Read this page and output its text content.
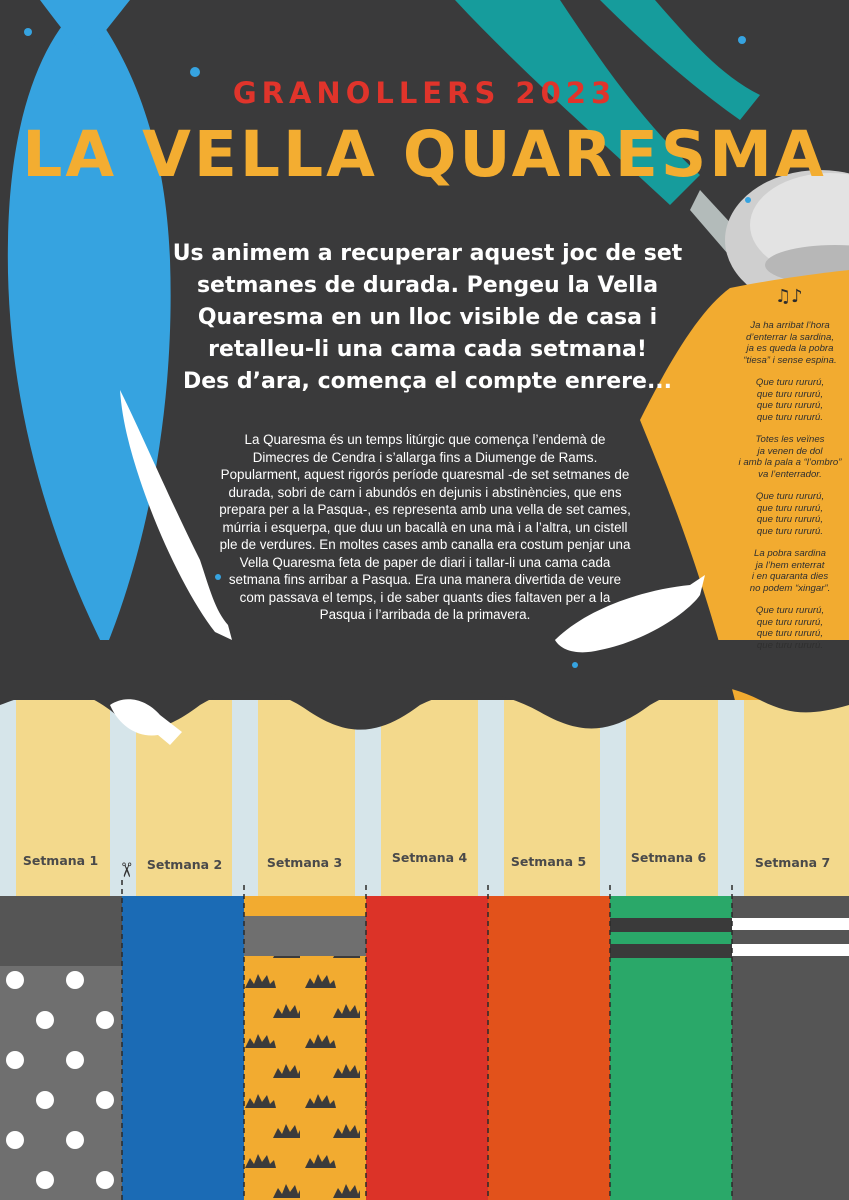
GRANOLLERS 2023
LA VELLA QUARESMA
Us animem a recuperar aquest joc de set
setmanes de durada. Pengeu la Vella
Quaresma en un lloc visible de casa i
retalleu-li una cama cada setmana!
Des d’ara, comença el compte enrere...
La Quaresma és un temps litúrgic que comença l’endemà de
Dimecres de Cendra i s’allarga fins a Diumenge de Rams.
Popularment, aquest rigorós període quaresmal -de set setmanes de
durada, sobri de carn i abundós en dejunis i abstinències, que ens
prepara per a la Pasqua-, es representa amb una vella de set cames,
múrria i esquerpa, que duu un bacallà en una mà i a l’altra, un cistell
ple de verdures. En moltes cases amb canalla era costum penjar una
Vella Quaresma feta de paper de diari i tallar-li una cama cada
setmana fins arribar a Pasqua. Era una manera divertida de veure
com passava el temps, i de saber quants dies faltaven per a la
Pasqua i l’arribada de la primavera.
♫♪
Ja ha arribat l’hora
d’enterrar la sardina,
ja es queda la pobra
“tiesa” i sense espina.
Que turu rururú,
que turu rururú,
que turu rururú,
que turu rururú.
Totes les veïnes
ja venen de dol
i amb la pala a “l’ombro”
va l’enterrador.
Que turu rururú,
que turu rururú,
que turu rururú,
que turu rururú.
La pobra sardina
ja l’hem enterrat
i en quaranta dies
no podem “xingar”.
Que turu rururú,
que turu rururú,
que turu rururú,
que turu rururú.
Setmana 1	Setmana 2	Setmana 3	Setmana 4	Setmana 5	Setmana 6	Setmana 7
✂
